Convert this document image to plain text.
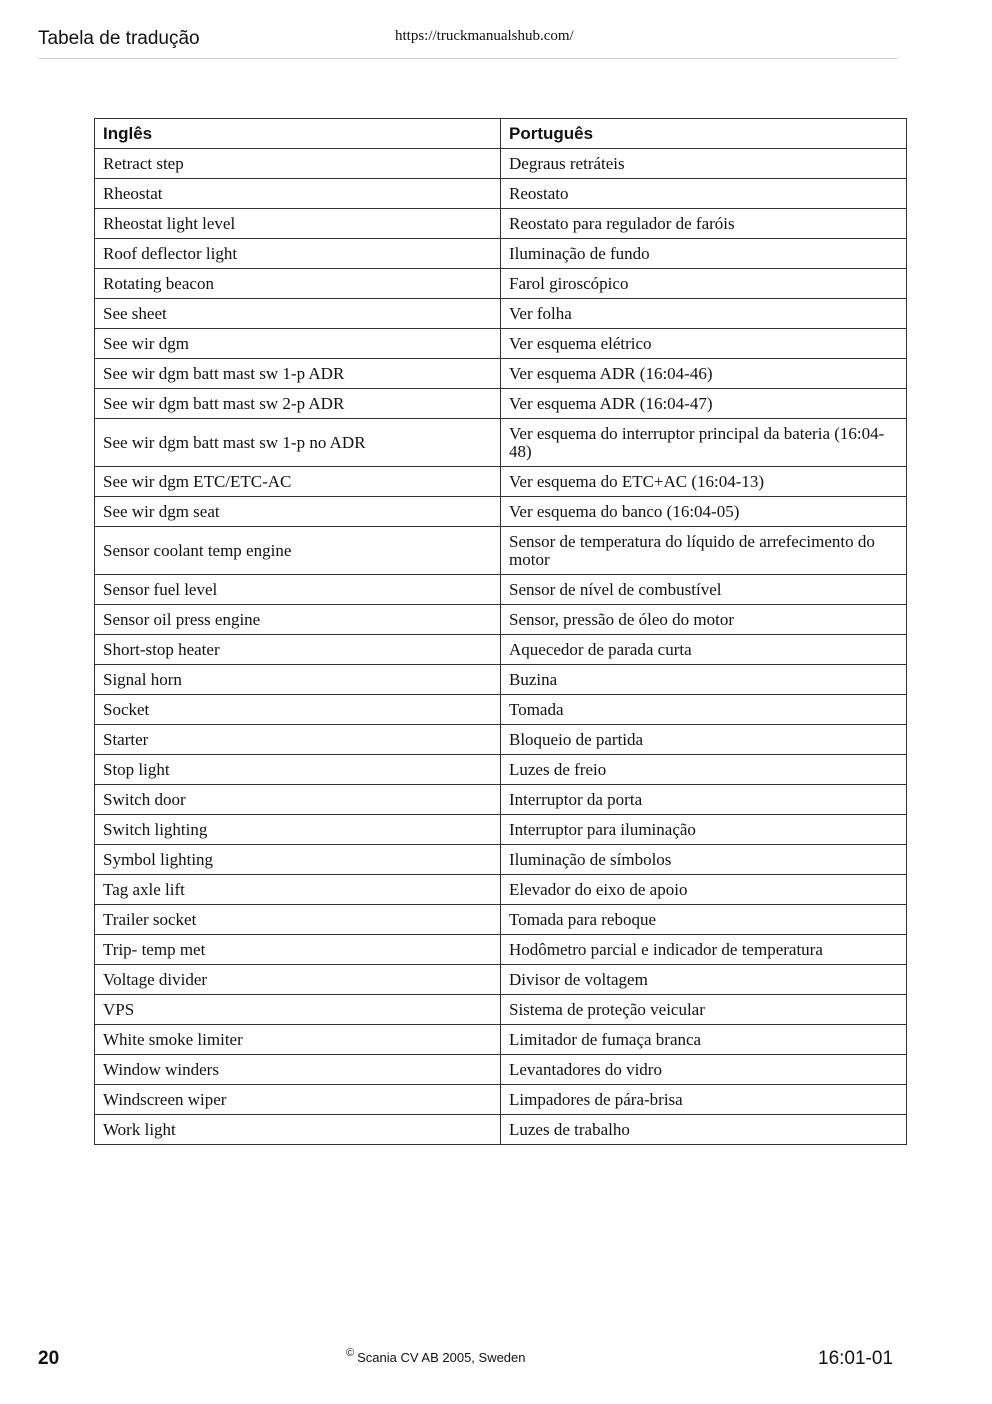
Tabela de tradução	https://truckmanualshub.com/
Inglês	Português
Retract step	Degraus retráteis
Rheostat	Reostato
Rheostat light level	Reostato para regulador de faróis
Roof deflector light	Iluminação de fundo
Rotating beacon	Farol giroscópico
See sheet	Ver folha
See wir dgm	Ver esquema elétrico
See wir dgm batt mast sw 1-p ADR	Ver esquema ADR (16:04-46)
See wir dgm batt mast sw 2-p ADR	Ver esquema ADR (16:04-47)
See wir dgm batt mast sw 1-p no ADR	Ver esquema do interruptor principal da bateria (16:04-48)
See wir dgm ETC/ETC-AC	Ver esquema do ETC+AC (16:04-13)
See wir dgm seat	Ver esquema do banco (16:04-05)
Sensor coolant temp engine	Sensor de temperatura do líquido de arrefecimento do motor
Sensor fuel level	Sensor de nível de combustível
Sensor oil press engine	Sensor, pressão de óleo do motor
Short-stop heater	Aquecedor de parada curta
Signal horn	Buzina
Socket	Tomada
Starter	Bloqueio de partida
Stop light	Luzes de freio
Switch door	Interruptor da porta
Switch lighting	Interruptor para iluminação
Symbol lighting	Iluminação de símbolos
Tag axle lift	Elevador do eixo de apoio
Trailer socket	Tomada para reboque
Trip- temp met	Hodômetro parcial e indicador de temperatura
Voltage divider	Divisor de voltagem
VPS	Sistema de proteção veicular
White smoke limiter	Limitador de fumaça branca
Window winders	Levantadores do vidro
Windscreen wiper	Limpadores de pára-brisa
Work light	Luzes de trabalho
20	© Scania CV AB 2005, Sweden	16:01-01
